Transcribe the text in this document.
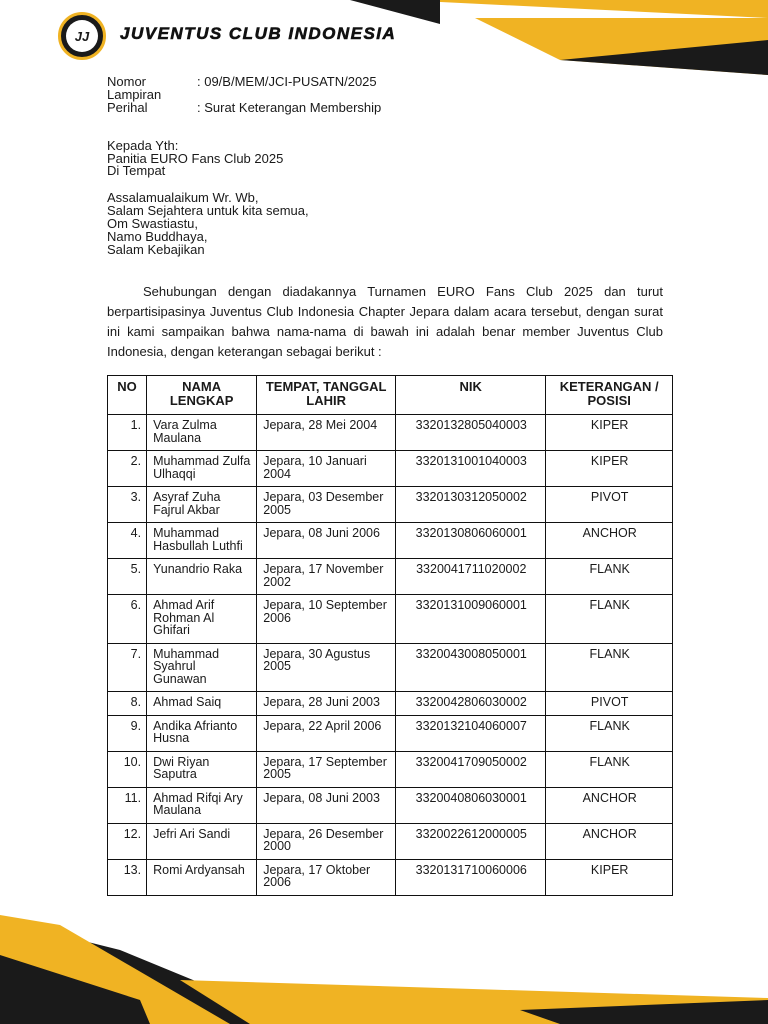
JJ	JUVENTUS CLUB INDONESIA
Nomor	: 09/B/MEM/JCI-PUSATN/2025
Lampiran
Perihal	: Surat Keterangan Membership
Kepada Yth:
Panitia EURO Fans Club 2025
Di Tempat
Assalamualaikum Wr. Wb,
Salam Sejahtera untuk kita semua,
Om Swastiastu,
Namo Buddhaya,
Salam Kebajikan
Sehubungan dengan diadakannya Turnamen EURO Fans Club 2025 dan turut berpartisipasinya Juventus Club Indonesia Chapter Jepara dalam acara tersebut, dengan surat ini kami sampaikan bahwa nama-nama di bawah ini adalah benar member Juventus Club Indonesia, dengan keterangan sebagai berikut :
NO	NAMA LENGKAP	TEMPAT, TANGGAL LAHIR	NIK	KETERANGAN / POSISI
1.	Vara Zulma Maulana	Jepara, 28 Mei 2004	3320132805040003	KIPER
2.	Muhammad Zulfa Ulhaqqi	Jepara, 10 Januari 2004	3320131001040003	KIPER
3.	Asyraf Zuha Fajrul Akbar	Jepara, 03 Desember 2005	3320130312050002	PIVOT
4.	Muhammad Hasbullah Luthfi	Jepara, 08 Juni 2006	3320130806060001	ANCHOR
5.	Yunandrio Raka	Jepara, 17 November 2002	3320041711020002	FLANK
6.	Ahmad Arif Rohman Al Ghifari	Jepara, 10 September 2006	3320131009060001	FLANK
7.	Muhammad Syahrul Gunawan	Jepara, 30 Agustus 2005	3320043008050001	FLANK
8.	Ahmad Saiq	Jepara, 28 Juni 2003	3320042806030002	PIVOT
9.	Andika Afrianto Husna	Jepara, 22 April 2006	3320132104060007	FLANK
10.	Dwi Riyan Saputra	Jepara, 17 September 2005	3320041709050002	FLANK
11.	Ahmad Rifqi Ary Maulana	Jepara, 08 Juni 2003	3320040806030001	ANCHOR
12.	Jefri Ari Sandi	Jepara, 26 Desember 2000	3320022612000005	ANCHOR
13.	Romi Ardyansah	Jepara, 17 Oktober 2006	3320131710060006	KIPER
